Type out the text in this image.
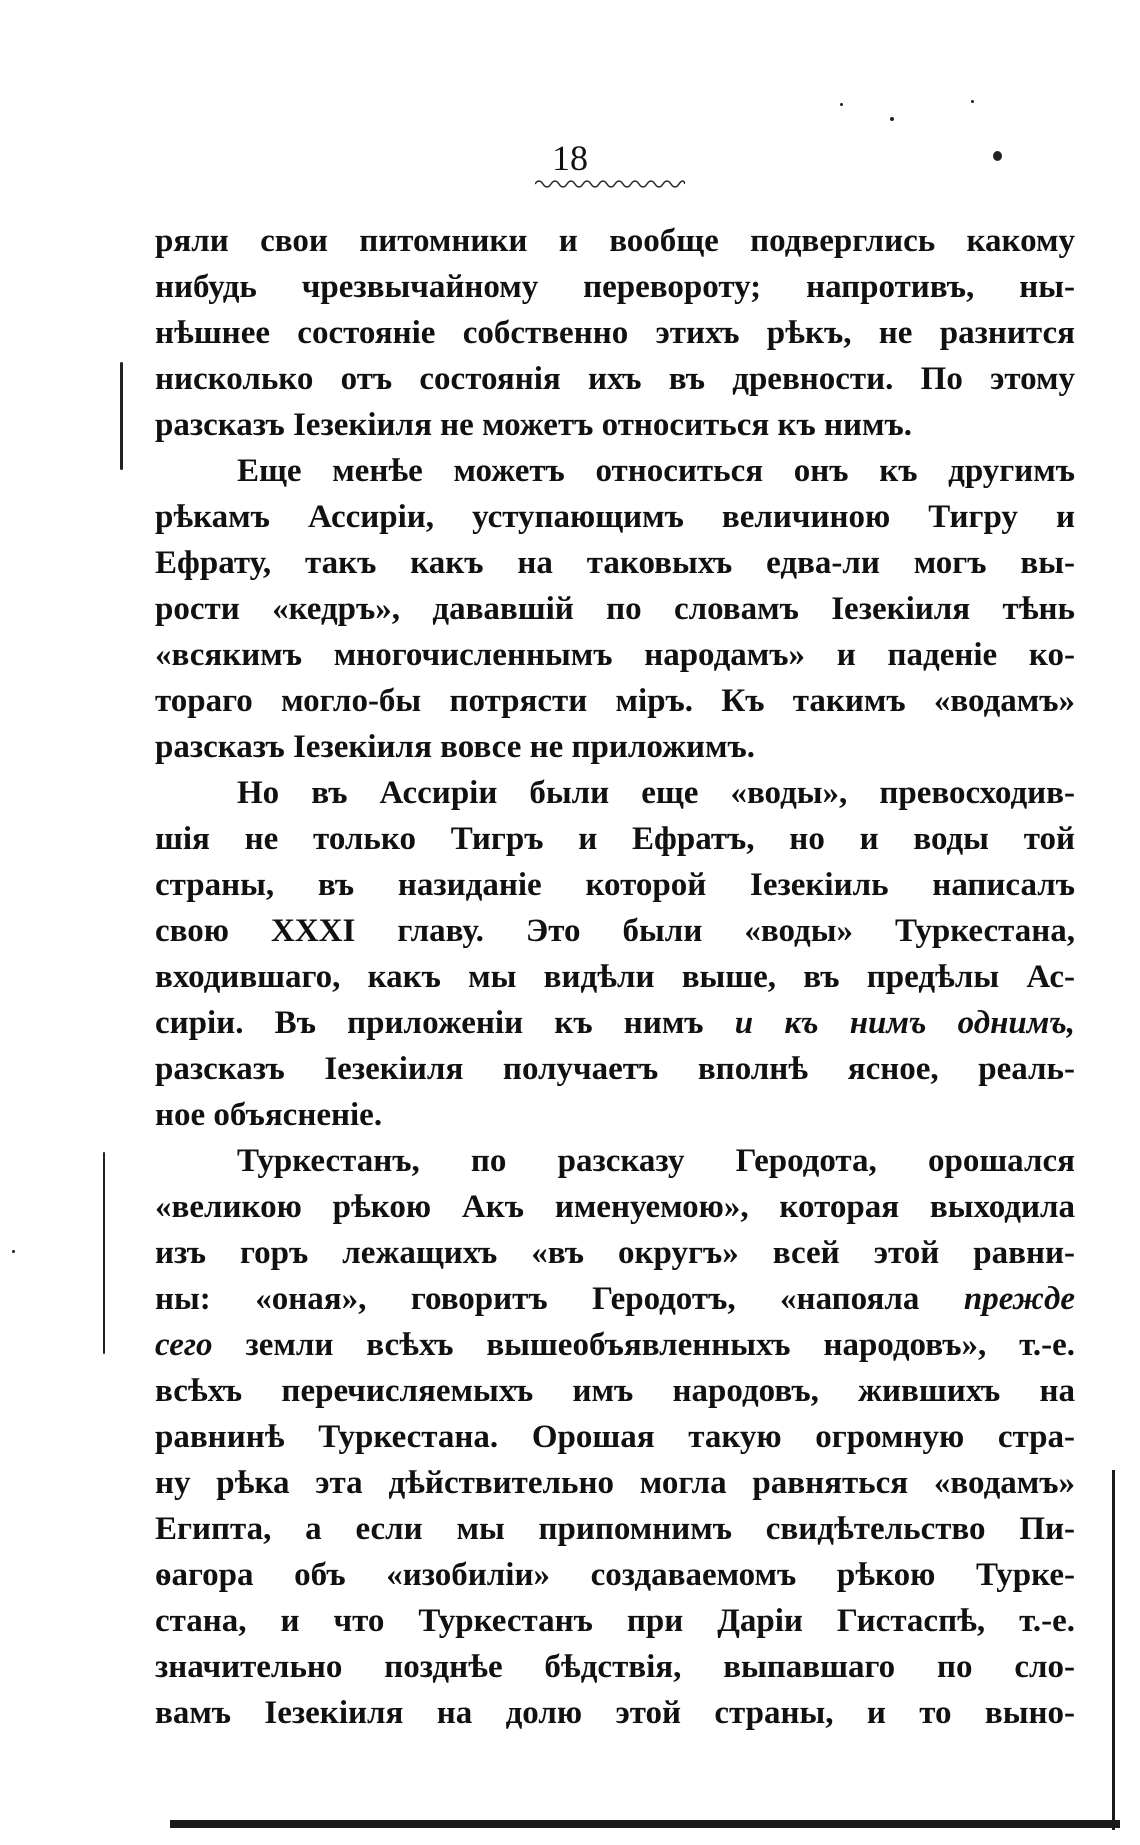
18
ряли свои питомники и вообще подверглись какому
нибудь чрезвычайному перевороту; напротивъ, ны-
нѣшнее состояніе собственно этихъ рѣкъ, не разнится
нисколько отъ состоянія ихъ въ древности. По этому
разсказъ Іезекіиля не можетъ относиться къ нимъ.
Еще менѣе можетъ относиться онъ къ другимъ
рѣкамъ Ассиріи, уступающимъ величиною Тигру и
Ефрату, такъ какъ на таковыхъ едва-ли могъ вы-
рости «кедръ», дававшій по словамъ Іезекіиля тѣнь
«всякимъ многочисленнымъ народамъ» и паденіе ко-
тораго могло-бы потрясти міръ. Къ такимъ «водамъ»
разсказъ Іезекіиля вовсе не приложимъ.
Но въ Ассиріи были еще «воды», превосходив-
шія не только Тигръ и Ефратъ, но и воды той
страны, въ назиданіе которой Іезекіиль написалъ
свою XXXI главу. Это были «воды» Туркестана,
входившаго, какъ мы видѣли выше, въ предѣлы Ас-
сиріи. Въ приложеніи къ нимъ и къ нимъ однимъ,
разсказъ Іезекіиля получаетъ вполнѣ ясное, реаль-
ное объясненіе.
Туркестанъ, по разсказу Геродота, орошался
«великою рѣкою Акъ именуемою», которая выходила
изъ горъ лежащихъ «въ округъ» всей этой равни-
ны: «оная», говоритъ Геродотъ, «напояла прежде
сего земли всѣхъ вышеобъявленныхъ народовъ», т.-е.
всѣхъ перечисляемыхъ имъ народовъ, жившихъ на
равнинѣ Туркестана. Орошая такую огромную стра-
ну рѣка эта дѣйствительно могла равняться «водамъ»
Египта, а если мы припомнимъ свидѣтельство Пи-
ѳагора объ «изобиліи» создаваемомъ рѣкою Турке-
стана, и что Туркестанъ при Даріи Гистаспѣ, т.-е.
значительно позднѣе бѣдствія, выпавшаго по сло-
вамъ Іезекіиля на долю этой страны, и то выно-
